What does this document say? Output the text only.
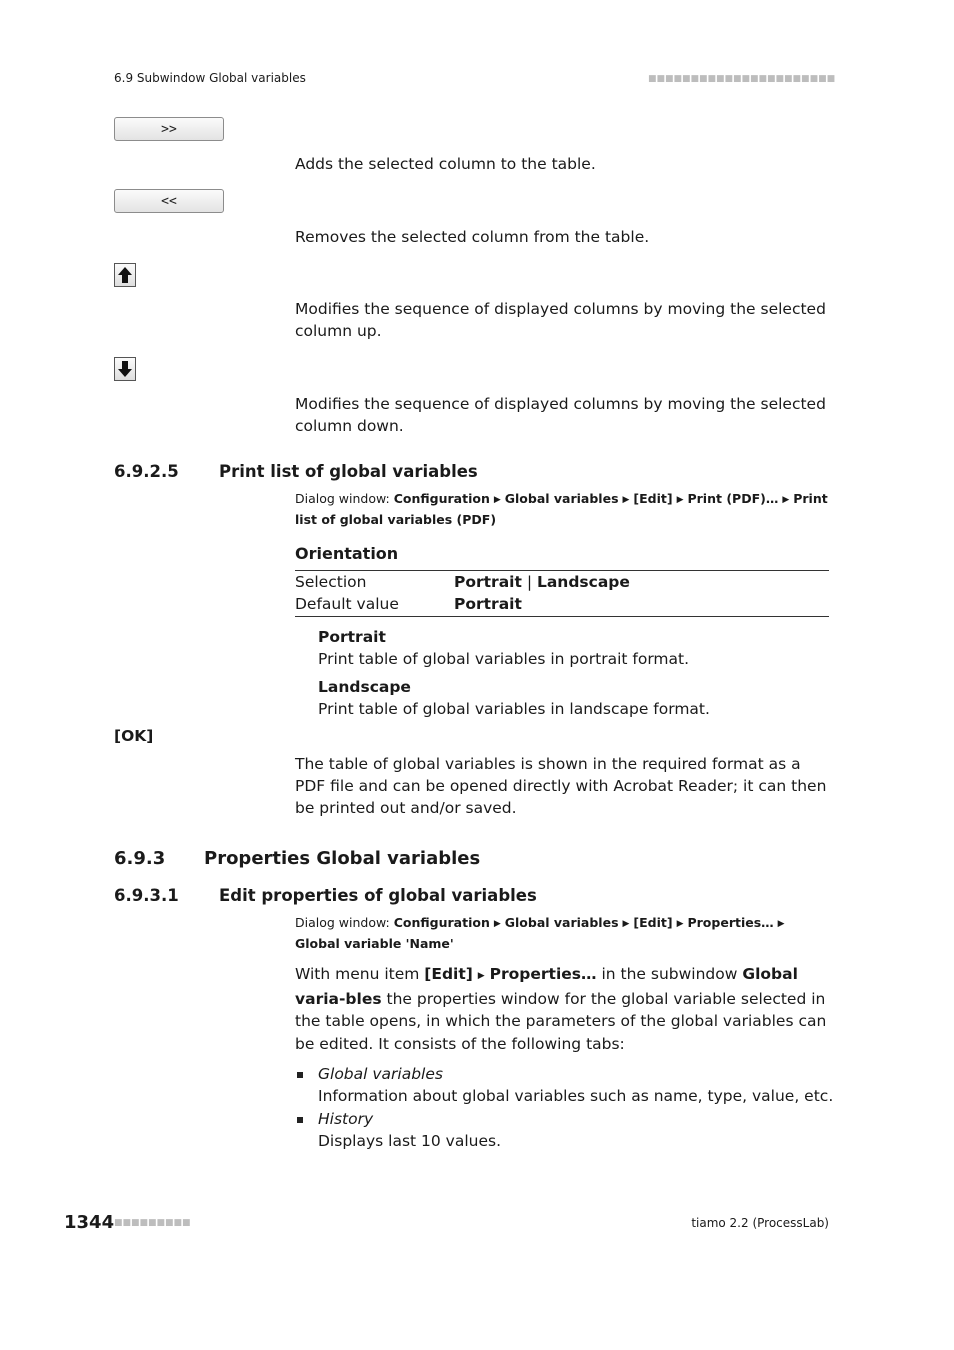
6.9 Subwindow Global variables	■■■■■■■■■■■■■■■■■■■■■■
>>
Adds the selected column to the table.
<<
Removes the selected column from the table.
Modifies the sequence of displayed columns by moving the selected column up.
Modifies the sequence of displayed columns by moving the selected column down.
6.9.2.5 Print list of global variables
Dialog window: Configuration ▶ Global variables ▶ [Edit] ▶ Print (PDF)… ▶ Print list of global variables (PDF)
Orientation
Selection	Portrait | Landscape
Default value	Portrait
Portrait
Print table of global variables in portrait format.
Landscape
Print table of global variables in landscape format.
[OK]
The table of global variables is shown in the required format as a PDF file and can be opened directly with Acrobat Reader; it can then be printed out and/or saved.
6.9.3 Properties Global variables
6.9.3.1 Edit properties of global variables
Dialog window: Configuration ▶ Global variables ▶ [Edit] ▶ Properties… ▶ Global variable 'Name'
With menu item [Edit] ▶ Properties… in the subwindow Global varia-bles the properties window for the global variable selected in the table opens, in which the parameters of the global variables can be edited. It consists of the following tabs:
Global variables
Information about global variables such as name, type, value, etc.
History
Displays last 10 values.
1344 ■■■■■■■■■	tiamo 2.2 (ProcessLab)
